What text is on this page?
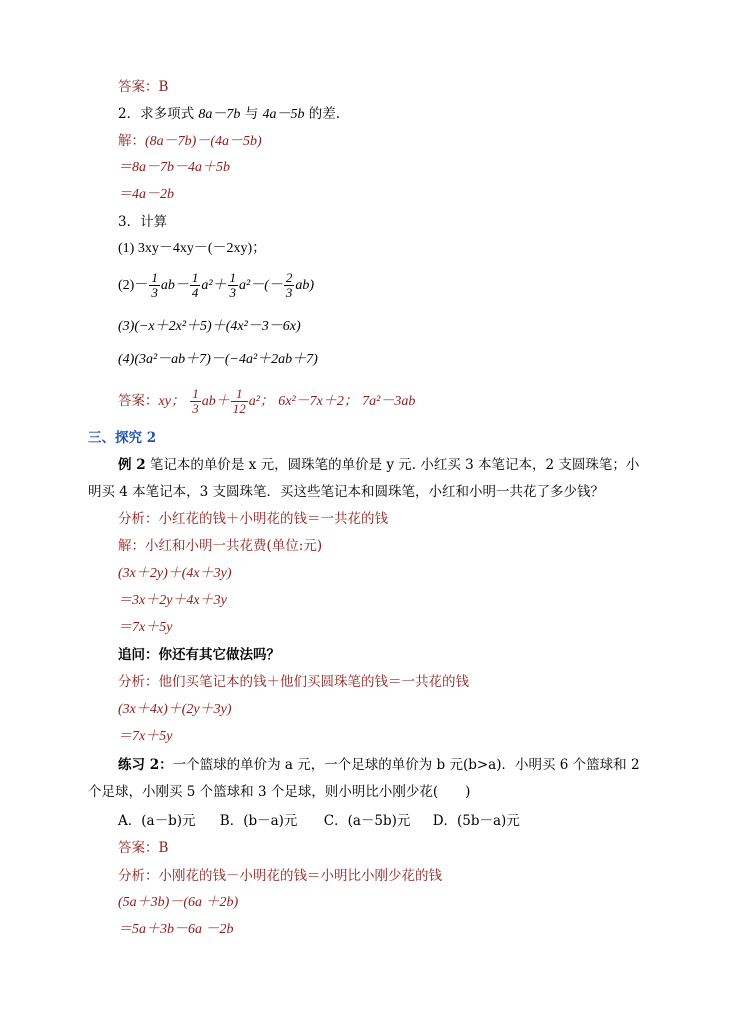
答案：B
2．求多项式 8a－7b 与 4a－5b 的差.
解：(8a－7b)－(4a－5b)
＝8a－7b－4a＋5b
＝4a－2b
3．计算
(1) 3xy－4xy－(－2xy)；
$(2)- \frac{1}{3} ab- \frac{1}{4} a^2+ \frac{1}{3} a^2-(- \frac{2}{3} ab)$
(3)(−x＋2x²＋5)＋(4x²－3－6x)
(4)(3a²－ab＋7)－(−4a²＋2ab＋7)
答案：xy； $\frac{1}{3} ab+ \frac{1}{12} a^2$； 6x²－7x＋2； 7a²－3ab
三、探究 2
例 2 笔记本的单价是 x 元，圆珠笔的单价是 y 元. 小红买 3 本笔记本，2 支圆珠笔；小
明买 4 本笔记本，3 支圆珠笔．买这些笔记本和圆珠笔，小红和小明一共花了多少钱？
分析：小红花的钱＋小明花的钱＝一共花的钱
解：小红和小明一共花费(单位:元)
(3x＋2y)＋(4x＋3y)
＝3x＋2y＋4x＋3y
＝7x＋5y
追问：你还有其它做法吗？
分析：他们买笔记本的钱＋他们买圆珠笔的钱＝一共花的钱
(3x＋4x)＋(2y＋3y)
＝7x＋5y
练习 2：一个篮球的单价为 a 元，一个足球的单价为 b 元(b>a)．小明买 6 个篮球和 2
个足球，小刚买 5 个篮球和 3 个足球，则小明比小刚少花(　　)
A．(a－b)元 B．(b－a)元 C．(a－5b)元 D．(5b－a)元
答案：B
分析：小刚花的钱－小明花的钱＝小明比小刚少花的钱
(5a＋3b)－(6a ＋2b)
＝5a＋3b－6a －2b
